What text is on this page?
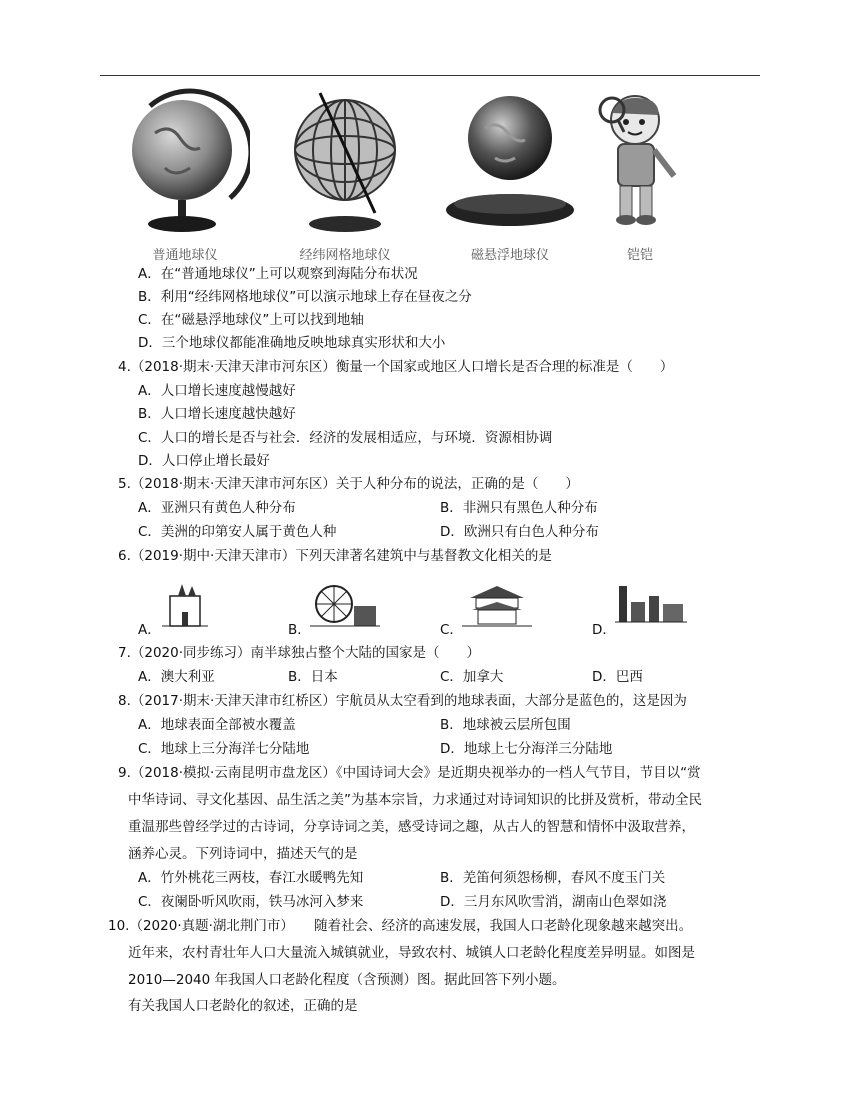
普通地球仪	经纬网格地球仪	磁悬浮地球仪	铠铠
A．在“普通地球仪”上可以观察到海陆分布状况
B．利用“经纬网格地球仪”可以演示地球上存在昼夜之分
C．在“磁悬浮地球仪”上可以找到地轴
D．三个地球仪都能准确地反映地球真实形状和大小
4.（2018·期末·天津天津市河东区）衡量一个国家或地区人口增长是否合理的标准是（　　）
A．人口增长速度越慢越好
B．人口增长速度越快越好
C．人口的增长是否与社会．经济的发展相适应，与环境．资源相协调
D．人口停止增长最好
5.（2018·期末·天津天津市河东区）关于人种分布的说法，正确的是（　　）
A．亚洲只有黄色人种分布	B．非洲只有黑色人种分布
C．美洲的印第安人属于黄色人种	D．欧洲只有白色人种分布
6.（2019·期中·天津天津市）下列天津著名建筑中与基督教文化相关的是
A．	B．	C．	D．
7.（2020·同步练习）南半球独占整个大陆的国家是（　　）
A．澳大利亚	B．日本	C．加拿大	D．巴西
8.（2017·期末·天津天津市红桥区）宇航员从太空看到的地球表面，大部分是蓝色的，这是因为
A．地球表面全部被水覆盖	B．地球被云层所包围
C．地球上三分海洋七分陆地	D．地球上七分海洋三分陆地
9.（2018·模拟·云南昆明市盘龙区）《中国诗词大会》是近期央视举办的一档人气节目，节目以“赏
中华诗词、寻文化基因、品生活之美”为基本宗旨，力求通过对诗词知识的比拼及赏析，带动全民
重温那些曾经学过的古诗词，分享诗词之美，感受诗词之趣，从古人的智慧和情怀中汲取营养，
涵养心灵。下列诗词中，描述天气的是
A．竹外桃花三两枝，春江水暖鸭先知	B．羌笛何须怨杨柳，春风不度玉门关
C．夜阑卧听风吹雨，铁马冰河入梦来	D．三月东风吹雪消，湖南山色翠如浇
10.（2020·真题·湖北荆门市）　　随着社会、经济的高速发展，我国人口老龄化现象越来越突出。
近年来，农村青壮年人口大量流入城镇就业，导致农村、城镇人口老龄化程度差异明显。如图是
2010—2040 年我国人口老龄化程度（含预测）图。据此回答下列小题。
有关我国人口老龄化的叙述，正确的是
